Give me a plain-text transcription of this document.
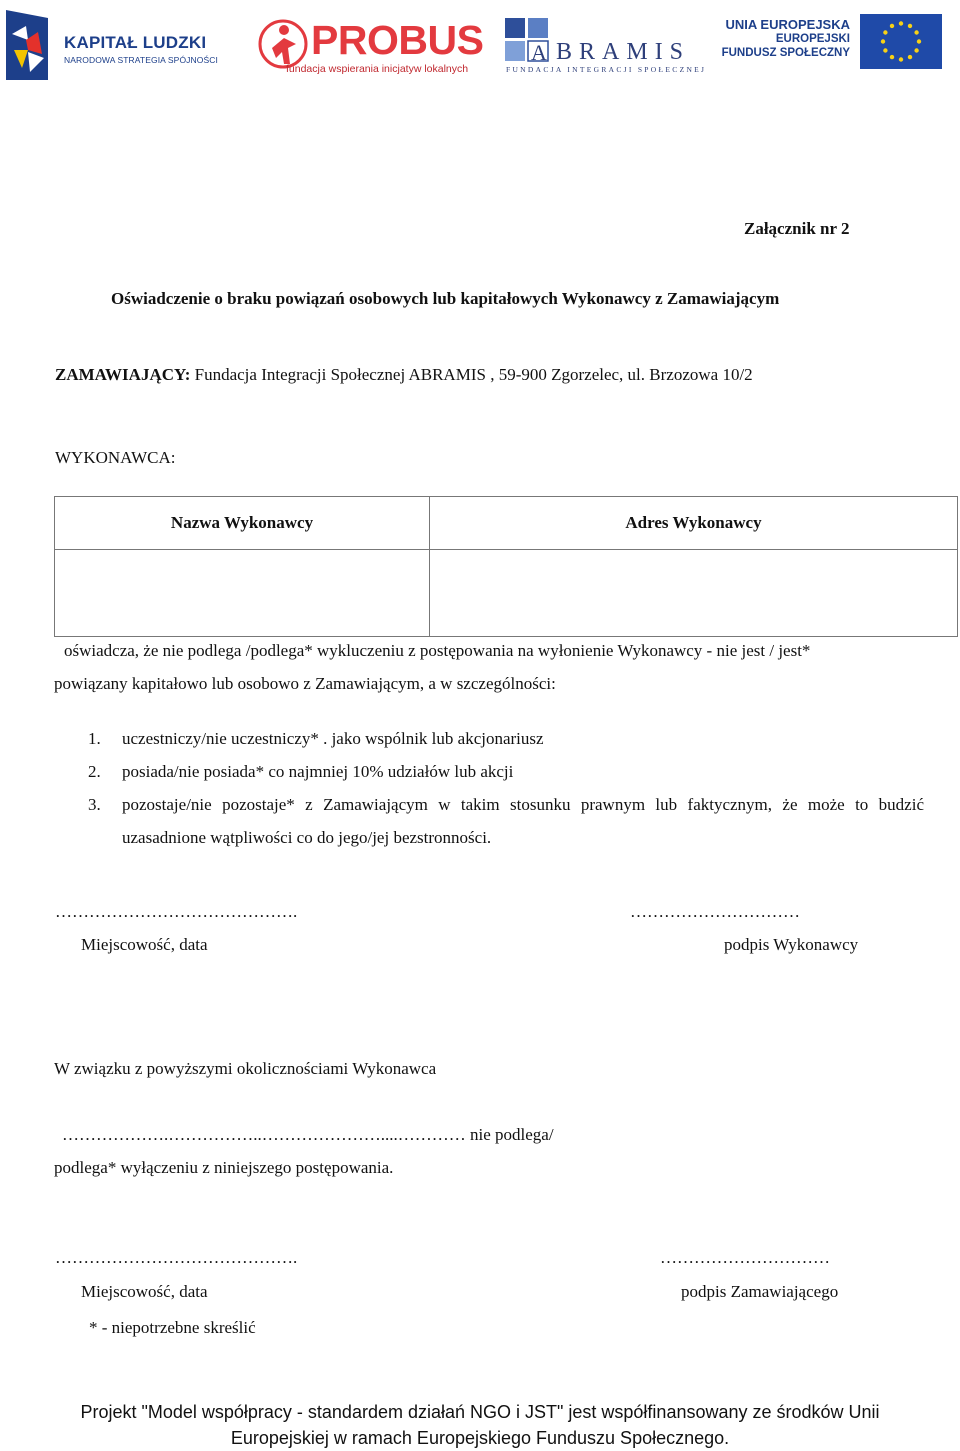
KAPITAŁ LUDZKI
NARODOWA STRATEGIA SPÓJNOŚCI PROBUS
fundacja wspierania inicjatyw lokalnych
A BRAMIS
FUNDACJA INTEGRACJI SPOŁECZNEJ
UNIA EUROPEJSKA
EUROPEJSKI
FUNDUSZ SPOŁECZNY
Załącznik nr 2
Oświadczenie o braku powiązań osobowych lub kapitałowych Wykonawcy z Zamawiającym
ZAMAWIAJĄCY: Fundacja Integracji Społecznej ABRAMIS , 59-900 Zgorzelec, ul. Brzozowa 10/2
WYKONAWCA:
Nazwa Wykonawcy	Adres Wykonawcy

oświadcza, że nie podlega /podlega* wykluczeniu z postępowania na wyłonienie Wykonawcy - nie jest / jest*
powiązany kapitałowo lub osobowo z Zamawiającym, a w szczególności:
1. uczestniczy/nie uczestniczy* . jako wspólnik lub akcjonariusz
2. posiada/nie posiada* co najmniej 10% udziałów lub akcji
3. pozostaje/nie pozostaje* z Zamawiającym w takim stosunku prawnym lub faktycznym, że może to budzić uzasadnione wątpliwości co do jego/jej bezstronności.
…………………………………….	…………………………
Miejscowość, data	podpis Wykonawcy
W związku z powyższymi okolicznościami Wykonawca
……………….……………..…………………....………… nie podlega/
podlega* wyłączeniu z niniejszego postępowania.
…………………………………….	…………………………
Miejscowość, data	podpis Zamawiającego
* - niepotrzebne skreślić
Projekt "Model współpracy - standardem działań NGO i JST" jest współfinansowany ze środków Unii
Europejskiej w ramach Europejskiego Funduszu Społecznego.
